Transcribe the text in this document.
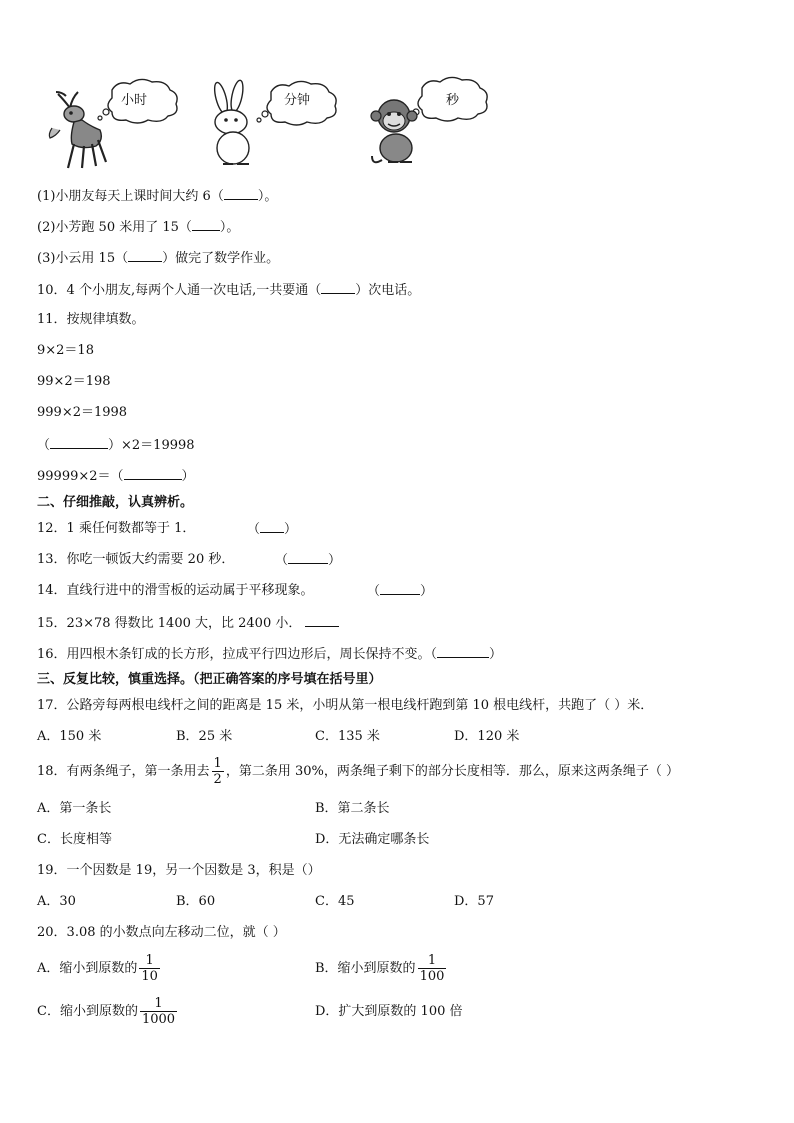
小时	分钟	秒
(1)小朋友每天上课时间大约 6（	）。
(2)小芳跑 50 米用了 15（ ）。
(3)小云用 15（	）做完了数学作业。
10．4 个小朋友,每两个人通一次电话,一共要通（	）次电话。
11．按规律填数。
9×2＝18
99×2＝198
999×2＝1998
（	）×2＝19998
99999×2＝（	）
二、仔细推敲，认真辨析。
12．1 乘任何数都等于 1．	（ ）
13．你吃一顿饭大约需要 20 秒．	（	）
14．直线行进中的滑雪板的运动属于平移现象。	（	）
15．23×78 得数比 1400 大，比 2400 小．
16．用四根木条钉成的长方形，拉成平行四边形后，周长保持不变。（	）
三、反复比较，慎重选择。（把正确答案的序号填在括号里）
17．公路旁每两根电线杆之间的距离是 15 米，小明从第一根电线杆跑到第 10 根电线杆，共跑了（ ）米．
A．150 米	B．25 米	C．135 米	D．120 米
18．有两条绳子，第一条用去 $\frac{1}{2}$ ，第二条用 30%，两条绳子剩下的部分长度相等．那么，原来这两条绳子（ ）
A．第一条长	B．第二条长
C．长度相等	D．无法确定哪条长
19．一个因数是 19，另一个因数是 3，积是（）
A．30	B．60	C．45	D．57
20．3.08 的小数点向左移动二位，就（ ）
A．缩小到原数的 $\frac{1}{10}$	B．缩小到原数的 $\frac{1}{100}$
C．缩小到原数的 $\frac{1}{1000}$	D．扩大到原数的 100 倍
